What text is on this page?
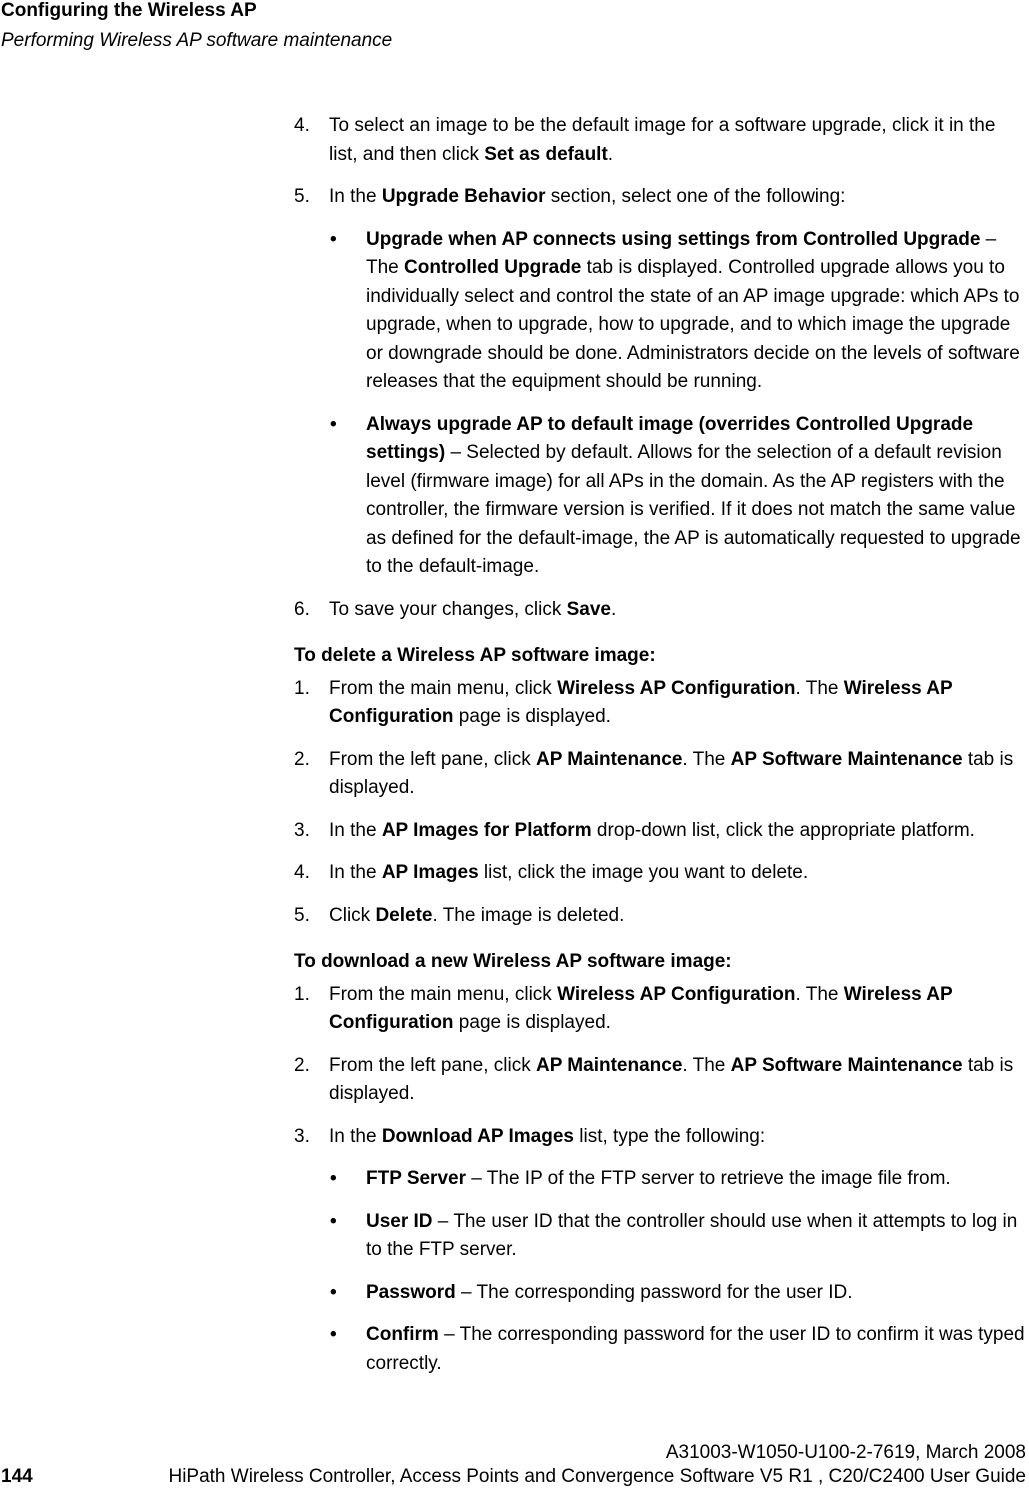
Configuring the Wireless AP
Performing Wireless AP software maintenance
4. To select an image to be the default image for a software upgrade, click it in the list, and then click Set as default.
5. In the Upgrade Behavior section, select one of the following:
• Upgrade when AP connects using settings from Controlled Upgrade – The Controlled Upgrade tab is displayed. Controlled upgrade allows you to individually select and control the state of an AP image upgrade: which APs to upgrade, when to upgrade, how to upgrade, and to which image the upgrade or downgrade should be done. Administrators decide on the levels of software releases that the equipment should be running.
• Always upgrade AP to default image (overrides Controlled Upgrade settings) – Selected by default. Allows for the selection of a default revision level (firmware image) for all APs in the domain. As the AP registers with the controller, the firmware version is verified. If it does not match the same value as defined for the default-image, the AP is automatically requested to upgrade to the default-image.
6. To save your changes, click Save.
To delete a Wireless AP software image:
1. From the main menu, click Wireless AP Configuration. The Wireless AP Configuration page is displayed.
2. From the left pane, click AP Maintenance. The AP Software Maintenance tab is displayed.
3. In the AP Images for Platform drop-down list, click the appropriate platform.
4. In the AP Images list, click the image you want to delete.
5. Click Delete. The image is deleted.
To download a new Wireless AP software image:
1. From the main menu, click Wireless AP Configuration. The Wireless AP Configuration page is displayed.
2. From the left pane, click AP Maintenance. The AP Software Maintenance tab is displayed.
3. In the Download AP Images list, type the following:
• FTP Server – The IP of the FTP server to retrieve the image file from.
• User ID – The user ID that the controller should use when it attempts to log in to the FTP server.
• Password – The corresponding password for the user ID.
• Confirm – The corresponding password for the user ID to confirm it was typed correctly.
A31003-W1050-U100-2-7619, March 2008
144	HiPath Wireless Controller, Access Points and Convergence Software V5 R1 , C20/C2400 User Guide
